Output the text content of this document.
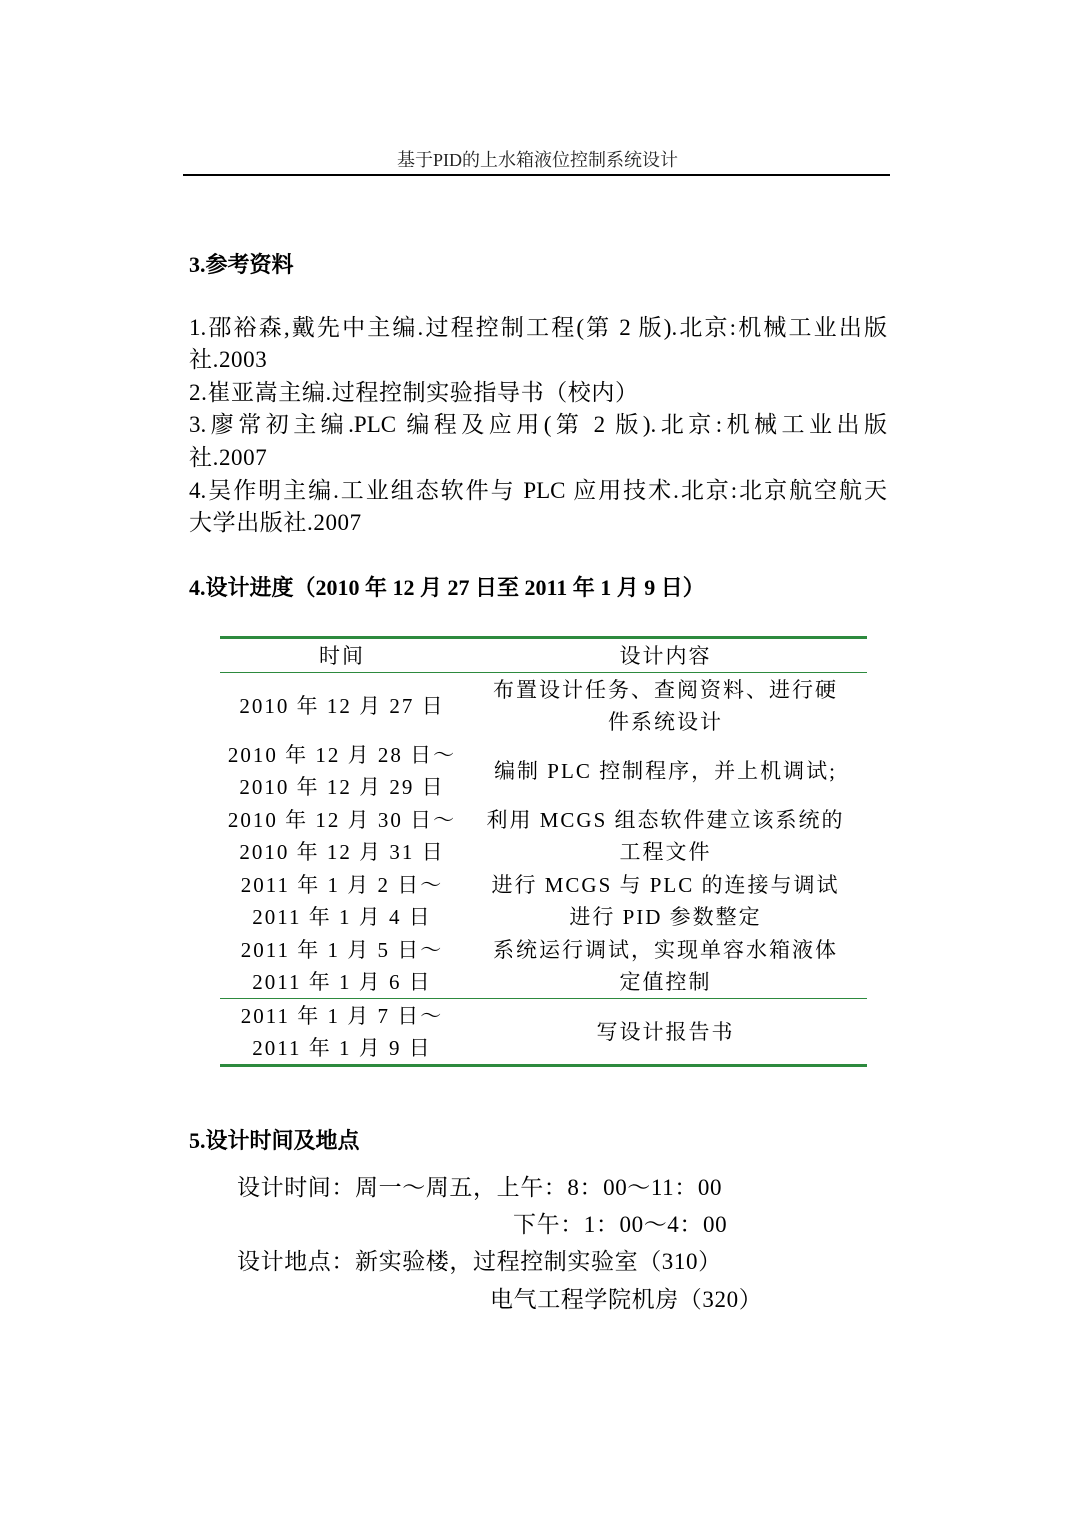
基于PID的上水箱液位控制系统设计
3.参考资料
1.邵裕森,戴先中主编.过程控制工程(第 2 版).北京:机械工业出版
社.2003
2.崔亚嵩主编.过程控制实验指导书（校内）
3.廖常初主编.PLC 编程及应用(第 2 版).北京:机械工业出版
社.2007
4.吴作明主编.工业组态软件与 PLC 应用技术.北京:北京航空航天
大学出版社.2007
4.设计进度（2010 年 12 月 27 日至 2011 年 1 月 9 日）
时间	设计内容
2010 年 12 月 27 日
布置设计任务、查阅资料、进行硬
件系统设计
2010 年 12 月 28 日～
2010 年 12 月 29 日
编制 PLC 控制程序，并上机调试;
2010 年 12 月 30 日～
2010 年 12 月 31 日
利用 MCGS 组态软件建立该系统的
工程文件
2011 年 1 月 2 日～
2011 年 1 月 4 日
进行 MCGS 与 PLC 的连接与调试
进行 PID 参数整定
2011 年 1 月 5 日～
2011 年 1 月 6 日
系统运行调试，实现单容水箱液体
定值控制
2011 年 1 月 7 日～
2011 年 1 月 9 日
写设计报告书
5.设计时间及地点
设计时间：周一～周五，上午：8：00～11：00
下午：1：00～4：00
设计地点：新实验楼，过程控制实验室（310）
电气工程学院机房（320）
